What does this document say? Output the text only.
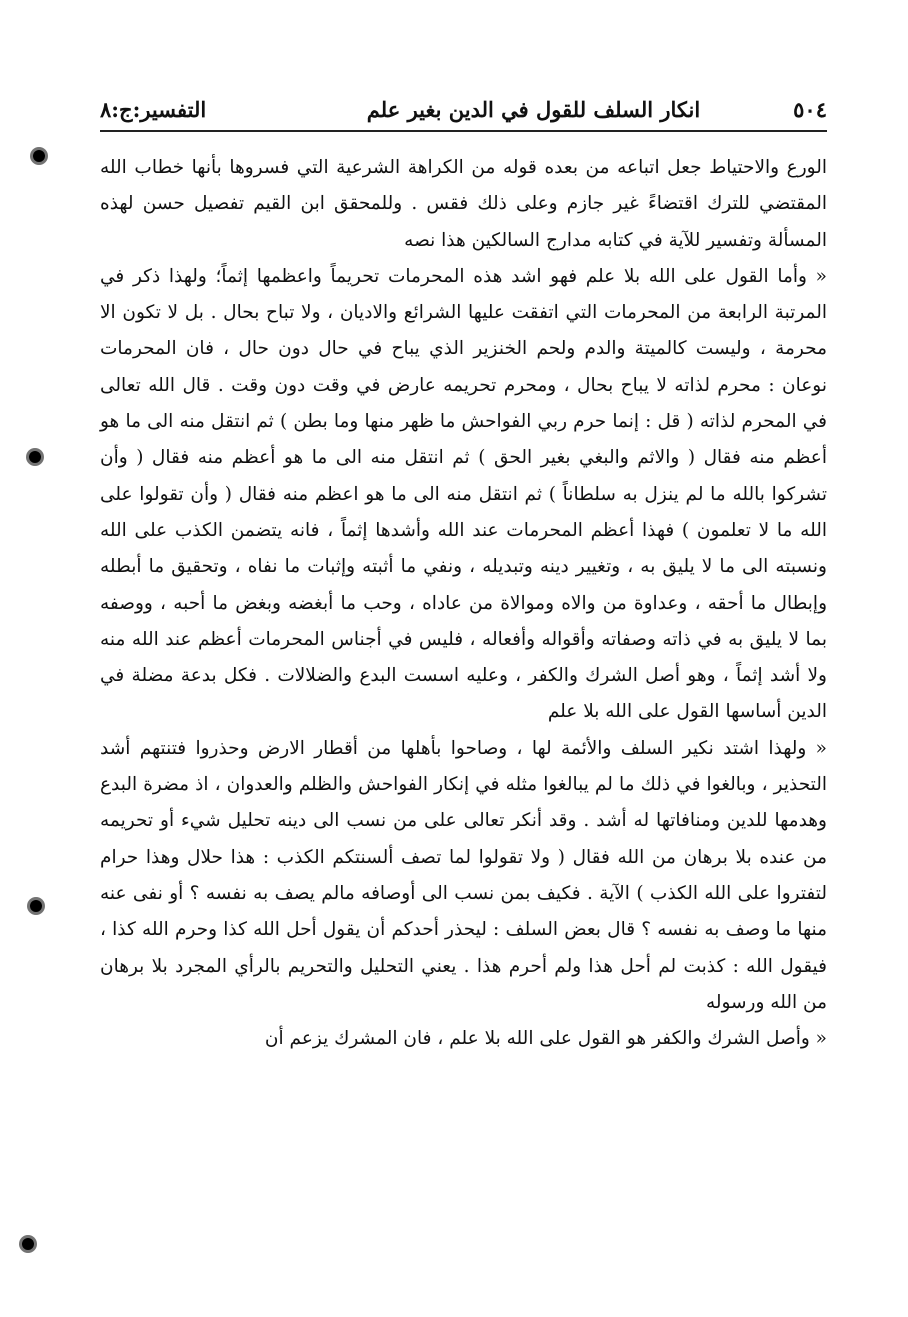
٥٠٤
انكار السلف للقول في الدين بغير علم
التفسير:ج:٨

الورع والاحتياط جعل اتباعه من بعده قوله من الكراهة الشرعية التي فسروها بأنها خطاب الله المقتضي للترك اقتضاءً غير جازم وعلى ذلك فقس . وللمحقق ابن القيم تفصيل حسن لهذه المسألة وتفسير للآية في كتابه مدارج السالكين هذا نصه

« وأما القول على الله بلا علم فهو اشد هذه المحرمات تحريماً واعظمها إثماً؛ ولهذا ذكر في المرتبة الرابعة من المحرمات التي اتفقت عليها الشرائع والاديان ، ولا تباح بحال . بل لا تكون الا محرمة ، وليست كالميتة والدم ولحم الخنزير الذي يباح في حال دون حال ، فان المحرمات نوعان : محرم لذاته لا يباح بحال ، ومحرم تحريمه عارض في وقت دون وقت . قال الله تعالى في المحرم لذاته ( قل : إنما حرم ربي الفواحش ما ظهر منها وما بطن ) ثم انتقل منه الى ما هو أعظم منه فقال ( والاثم والبغي بغير الحق ) ثم انتقل منه الى ما هو أعظم منه فقال ( وأن تشركوا بالله ما لم ينزل به سلطاناً ) ثم انتقل منه الى ما هو اعظم منه فقال ( وأن تقولوا على الله ما لا تعلمون ) فهذا أعظم المحرمات عند الله وأشدها إثماً ، فانه يتضمن الكذب على الله ونسبته الى ما لا يليق به ، وتغيير دينه وتبديله ، ونفي ما أثبته وإثبات ما نفاه ، وتحقيق ما أبطله وإبطال ما أحقه ، وعداوة من والاه وموالاة من عاداه ، وحب ما أبغضه وبغض ما أحبه ، ووصفه بما لا يليق به في ذاته وصفاته وأقواله وأفعاله ، فليس في أجناس المحرمات أعظم عند الله منه ولا أشد إثماً ، وهو أصل الشرك والكفر ، وعليه اسست البدع والضلالات . فكل بدعة مضلة في الدين أساسها القول على الله بلا علم

« ولهذا اشتد نكير السلف والأئمة لها ، وصاحوا بأهلها من أقطار الارض وحذروا فتنتهم أشد التحذير ، وبالغوا في ذلك ما لم يبالغوا مثله في إنكار الفواحش والظلم والعدوان ، اذ مضرة البدع وهدمها للدين ومنافاتها له أشد . وقد أنكر تعالى على من نسب الى دينه تحليل شيء أو تحريمه من عنده بلا برهان من الله فقال ( ولا تقولوا لما تصف ألسنتكم الكذب : هذا حلال وهذا حرام لتفتروا على الله الكذب ) الآية . فكيف بمن نسب الى أوصافه مالم يصف به نفسه ؟ أو نفى عنه منها ما وصف به نفسه ؟ قال بعض السلف : ليحذر أحدكم أن يقول أحل الله كذا وحرم الله كذا ، فيقول الله : كذبت لم أحل هذا ولم أحرم هذا . يعني التحليل والتحريم بالرأي المجرد بلا برهان من الله ورسوله

« وأصل الشرك والكفر هو القول على الله بلا علم ، فان المشرك يزعم أن
